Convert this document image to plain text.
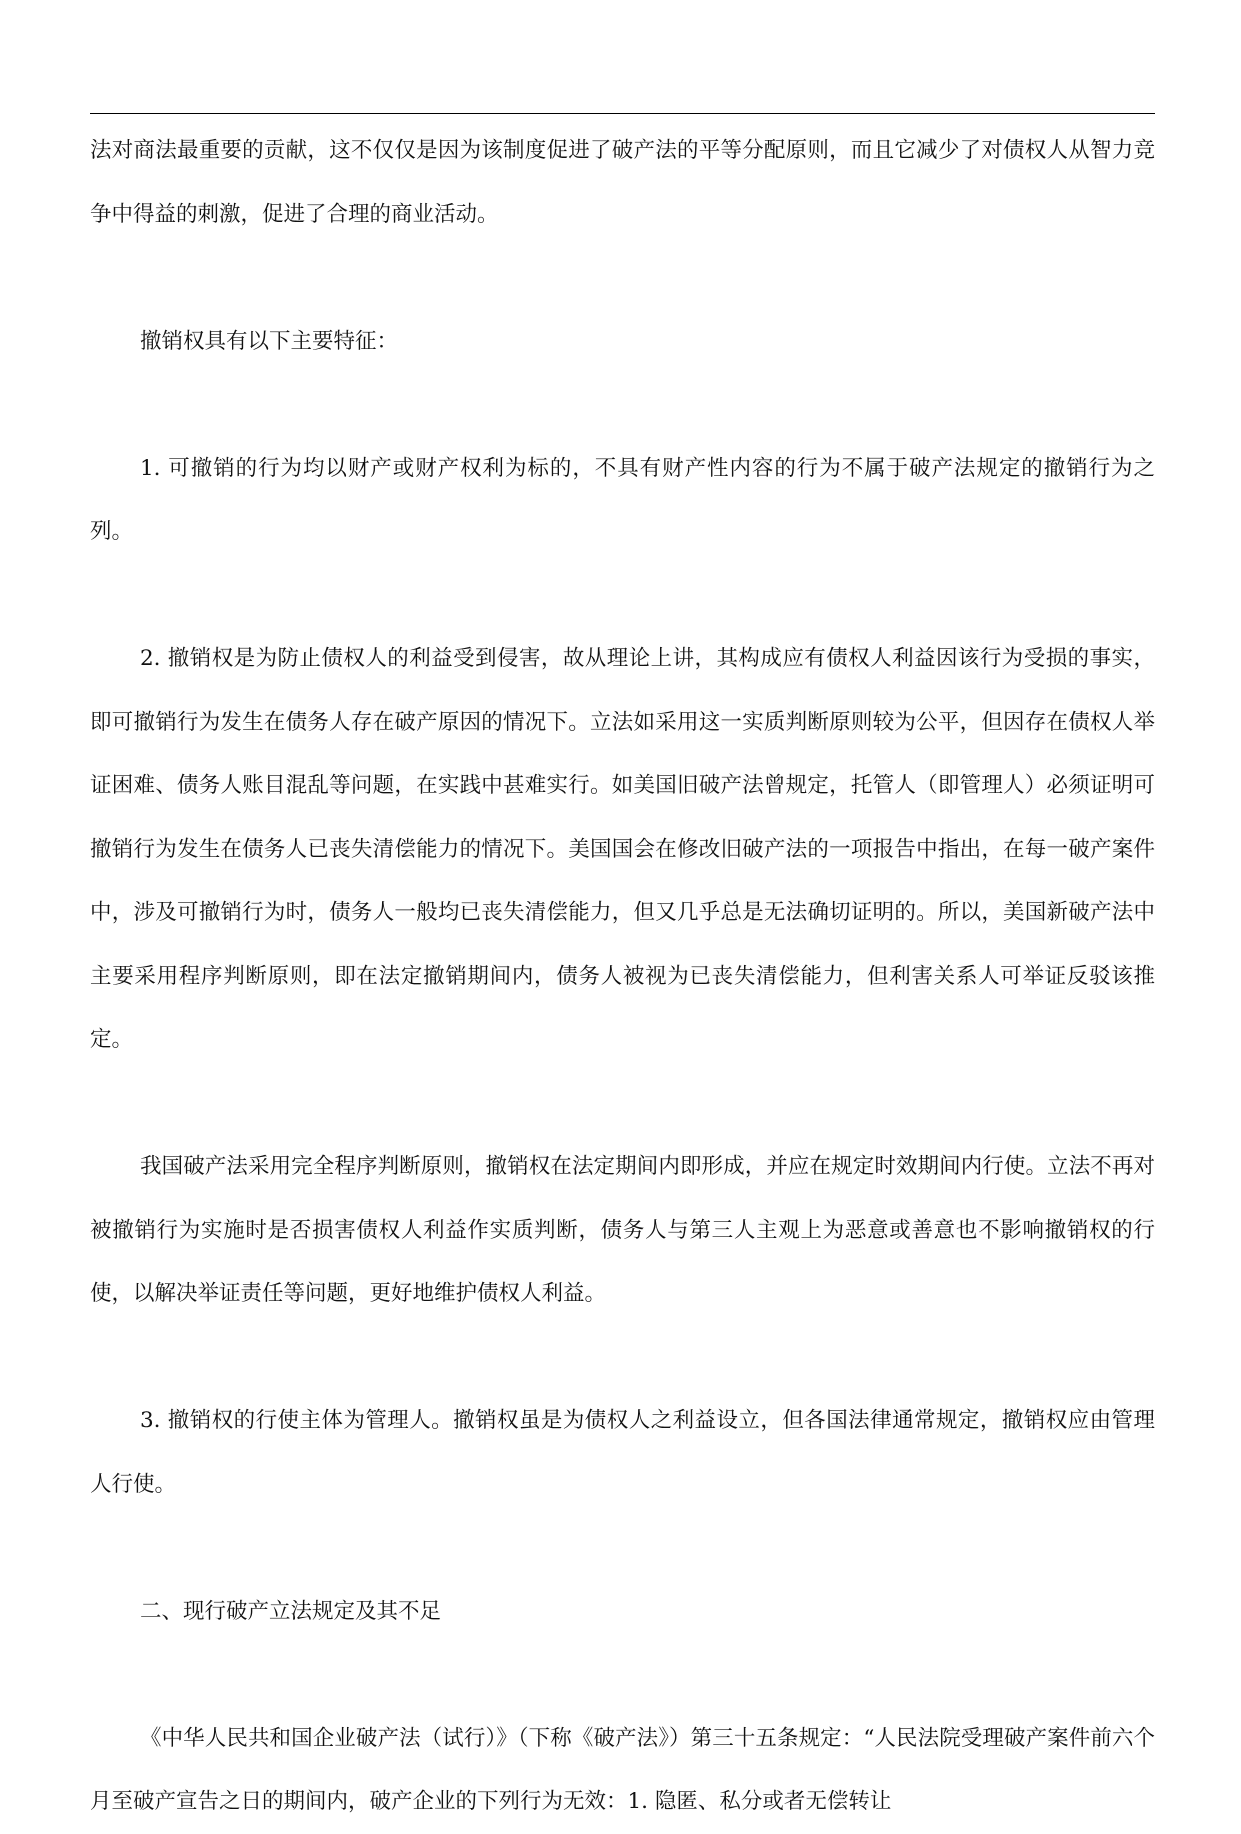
法对商法最重要的贡献，这不仅仅是因为该制度促进了破产法的平等分配原则，而且它减少了对债权人从智力竞争中得益的刺激，促进了合理的商业活动。

撤销权具有以下主要特征：

1. 可撤销的行为均以财产或财产权利为标的，不具有财产性内容的行为不属于破产法规定的撤销行为之列。

2. 撤销权是为防止债权人的利益受到侵害，故从理论上讲，其构成应有债权人利益因该行为受损的事实，即可撤销行为发生在债务人存在破产原因的情况下。立法如采用这一实质判断原则较为公平，但因存在债权人举证困难、债务人账目混乱等问题，在实践中甚难实行。如美国旧破产法曾规定，托管人（即管理人）必须证明可撤销行为发生在债务人已丧失清偿能力的情况下。美国国会在修改旧破产法的一项报告中指出，在每一破产案件中，涉及可撤销行为时，债务人一般均已丧失清偿能力，但又几乎总是无法确切证明的。所以，美国新破产法中主要采用程序判断原则，即在法定撤销期间内，债务人被视为已丧失清偿能力，但利害关系人可举证反驳该推定。

我国破产法采用完全程序判断原则，撤销权在法定期间内即形成，并应在规定时效期间内行使。立法不再对被撤销行为实施时是否损害债权人利益作实质判断，债务人与第三人主观上为恶意或善意也不影响撤销权的行使，以解决举证责任等问题，更好地维护债权人利益。

3. 撤销权的行使主体为管理人。撤销权虽是为债权人之利益设立，但各国法律通常规定，撤销权应由管理人行使。

二、现行破产立法规定及其不足

《中华人民共和国企业破产法（试行）》（下称《破产法》）第三十五条规定：“人民法院受理破产案件前六个月至破产宣告之日的期间内，破产企业的下列行为无效：1. 隐匿、私分或者无偿转让
